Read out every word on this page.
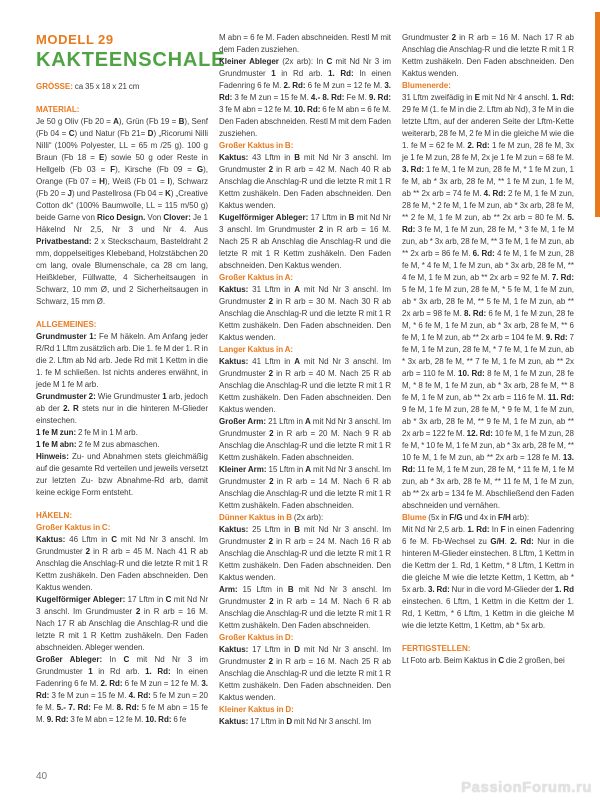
MODELL 29
KAKTEENSCHALE
GRÖSSE: ca 35 x 18 x 21 cm
MATERIAL:
Je 50 g Oliv (Fb 20 = A), Grün (Fb 19 = B), Senf (Fb 04 = C) und Natur (Fb 21= D) „Ricorumi Nilli Nilli“ (100% Polyester, LL = 65 m /25 g). 100 g Braun (Fb 18 = E) sowie 50 g oder Reste in Hellgelb (Fb 03 = F), Kirsche (Fb 09 = G), Orange (Fb 07 = H), Weiß (Fb 01 = I), Schwarz (Fb 20 = J) und Pastellrosa (Fb 04 = K) „Creative Cotton dk“ (100% Baumwolle, LL = 115 m/50 g) beide Garne von Rico Design. Von Clover: Je 1 Häkelnd Nr 2,5, Nr 3 und Nr 4. Aus Privatbestand: 2 x Steckschaum, Basteldraht 2 mm, doppelseitiges Klebeband, Holzstäbchen 20 cm lang, ovale Blumenschale, ca 28 cm lang, Heißkleber, Füllwatte, 4 Sicherheitsaugen in Schwarz, 10 mm Ø, und 2 Sicherheitsaugen in Schwarz, 15 mm Ø.
ALLGEMEINES:
Grundmuster 1: Fe M häkeln. Am Anfang jeder R/Rd 1 Lftm zusätzlich arb. Die 1. fe M der 1. R in die 2. Lftm ab Nd arb. Jede Rd mit 1 Kettm in die 1. fe M schließen. Ist nichts anderes erwähnt, in jede M 1 fe M arb.
Grundmuster 2: Wie Grundmuster 1 arb, jedoch ab der 2. R stets nur in die hinteren M-Glieder einstechen.
1 fe M zun: 2 fe M in 1 M arb.
1 fe M abn: 2 fe M zus abmaschen.
Hinweis: Zu- und Abnahmen stets gleichmäßig auf die gesamte Rd verteilen und jeweils versetzt zur letzten Zu- bzw Abnahme-Rd arb, damit keine eckige Form entsteht.
HÄKELN:
Großer Kaktus in C:
Kaktus: 46 Lftm in C mit Nd Nr 3 anschl. Im Grundmuster 2 in R arb = 45 M. Nach 41 R ab Anschlag die Anschlag-R und die letzte R mit 1 R Kettm zushäkeln. Den Faden abschneiden. Den Kaktus wenden.
Kugelförmiger Ableger: 17 Lftm in C mit Nd Nr 3 anschl. Im Grundmuster 2 in R arb = 16 M. Nach 17 R ab Anschlag die Anschlag-R und die letzte R mit 1 R Kettm zushäkeln. Den Faden abschneiden. Ableger wenden.
Großer Ableger: In C mit Nd Nr 3 im Grundmuster 1 in Rd arb. 1. Rd: In einen Fadenring 6 fe M. 2. Rd: 6 fe M zun = 12 fe M. 3. Rd: 3 fe M zun = 15 fe M. 4. Rd: 5 fe M zun = 20 fe M. 5.- 7. Rd: Fe M. 8. Rd: 5 fe M abn = 15 fe M. 9. Rd: 3 fe M abn = 12 fe M. 10. Rd: 6 fe
M abn = 6 fe M. Faden abschneiden. Restl M mit dem Faden zusziehen.
Kleiner Ableger (2x arb): In C mit Nd Nr 3 im Grundmuster 1 in Rd arb. 1. Rd: In einen Fadenring 6 fe M. 2. Rd: 6 fe M zun = 12 fe M. 3. Rd: 3 fe M zun = 15 fe M. 4.- 8. Rd: Fe M. 9. Rd: 3 fe M abn = 12 fe M. 10. Rd: 6 fe M abn = 6 fe M. Den Faden abschneiden. Restl M mit dem Faden zusziehen.
Großer Kaktus in B:
Kaktus: 43 Lftm in B mit Nd Nr 3 anschl. Im Grundmuster 2 in R arb = 42 M. Nach 40 R ab Anschlag die Anschlag-R und die letzte R mit 1 R Kettm zushäkeln. Den Faden abschneiden. Den Kaktus wenden.
Kugelförmiger Ableger: 17 Lftm in B mit Nd Nr 3 anschl. Im Grundmuster 2 in R arb = 16 M. Nach 25 R ab Anschlag die Anschlag-R und die letzte R mit 1 R Kettm zushäkeln. Den Faden abschneiden. Den Kaktus wenden.
Großer Kaktus in A:
Kaktus: 31 Lftm in A mit Nd Nr 3 anschl. Im Grundmuster 2 in R arb = 30 M. Nach 30 R ab Anschlag die Anschlag-R und die letzte R mit 1 R Kettm zushäkeln. Den Faden abschneiden. Den Kaktus wenden.
Langer Kaktus in A:
Kaktus: 41 Lftm in A mit Nd Nr 3 anschl. Im Grundmuster 2 in R arb = 40 M. Nach 25 R ab Anschlag die Anschlag-R und die letzte R mit 1 R Kettm zushäkeln. Den Faden abschneiden. Den Kaktus wenden.
Großer Arm: 21 Lftm in A mit Nd Nr 3 anschl. Im Grundmuster 2 in R arb = 20 M. Nach 9 R ab Anschlag die Anschlag-R und die letzte R mit 1 R Kettm zushäkeln. Faden abschneiden.
Kleiner Arm: 15 Lftm in A mit Nd Nr 3 anschl. Im Grundmuster 2 in R arb = 14 M. Nach 6 R ab Anschlag die Anschlag-R und die letzte R mit 1 R Kettm zushäkeln. Faden abschneiden.
Dünner Kaktus in B (2x arb):
Kaktus: 25 Lftm in B mit Nd Nr 3 anschl. Im Grundmuster 2 in R arb = 24 M. Nach 16 R ab Anschlag die Anschlag-R und die letzte R mit 1 R Kettm zushäkeln. Den Faden abschneiden. Den Kaktus wenden.
Arm: 15 Lftm in B mit Nd Nr 3 anschl. Im Grundmuster 2 in R arb = 14 M. Nach 6 R ab Anschlag die Anschlag-R und die letzte R mit 1 R Kettm zushäkeln. Den Faden abschneiden.
Großer Kaktus in D:
Kaktus: 17 Lftm in D mit Nd Nr 3 anschl. Im Grundmuster 2 in R arb = 16 M. Nach 25 R ab Anschlag die Anschlag-R und die letzte R mit 1 R Kettm zushäkeln. Den Faden abschneiden. Den Kaktus wenden.
Kleiner Kaktus in D:
Kaktus: 17 Lftm in D mit Nd Nr 3 anschl. Im
Grundmuster 2 in R arb = 16 M. Nach 17 R ab Anschlag die Anschlag-R und die letzte R mit 1 R Kettm zushäkeln. Den Faden abschneiden. Den Kaktus wenden.
Blumenerde:
31 Lftm zweifädig in E mit Nd Nr 4 anschl. 1. Rd: 29 fe M (1. fe M in die 2. Lftm ab Nd), 3 fe M in die letzte Lftm, auf der anderen Seite der Lftm-Kette weiterarb, 28 fe M, 2 fe M in die gleiche M wie die 1. fe M = 62 fe M. 2. Rd: 1 fe M zun, 28 fe M, 3x je 1 fe M zun, 28 fe M, 2x je 1 fe M zun = 68 fe M. 3. Rd: 1 fe M, 1 fe M zun, 28 fe M, * 1 fe M zun, 1 fe M, ab * 3x arb, 28 fe M, ** 1 fe M zun, 1 fe M, ab ** 2x arb = 74 fe M. 4. Rd: 2 fe M, 1 fe M zun, 28 fe M, * 2 fe M, 1 fe M zun, ab * 3x arb, 28 fe M, ** 2 fe M, 1 fe M zun, ab ** 2x arb = 80 fe M. 5. Rd: 3 fe M, 1 fe M zun, 28 fe M, * 3 fe M, 1 fe M zun, ab * 3x arb, 28 fe M, ** 3 fe M, 1 fe M zun, ab ** 2x arb = 86 fe M. 6. Rd: 4 fe M, 1 fe M zun, 28 fe M, * 4 fe M, 1 fe M zun, ab * 3x arb, 28 fe M, ** 4 fe M, 1 fe M zun, ab ** 2x arb = 92 fe M. 7. Rd: 5 fe M, 1 fe M zun, 28 fe M, * 5 fe M, 1 fe M zun, ab * 3x arb, 28 fe M, ** 5 fe M, 1 fe M zun, ab ** 2x arb = 98 fe M. 8. Rd: 6 fe M, 1 fe M zun, 28 fe M, * 6 fe M, 1 fe M zun, ab * 3x arb, 28 fe M, ** 6 fe M, 1 fe M zun, ab ** 2x arb = 104 fe M. 9. Rd: 7 fe M, 1 fe M zun, 28 fe M, * 7 fe M, 1 fe M zun, ab * 3x arb, 28 fe M, ** 7 fe M, 1 fe M zun, ab ** 2x arb = 110 fe M. 10. Rd: 8 fe M, 1 fe M zun, 28 fe M, * 8 fe M, 1 fe M zun, ab * 3x arb, 28 fe M, ** 8 fe M, 1 fe M zun, ab ** 2x arb = 116 fe M. 11. Rd: 9 fe M, 1 fe M zun, 28 fe M, * 9 fe M, 1 fe M zun, ab * 3x arb, 28 fe M, ** 9 fe M, 1 fe M zun, ab ** 2x arb = 122 fe M. 12. Rd: 10 fe M, 1 fe M zun, 28 fe M, * 10 fe M, 1 fe M zun, ab * 3x arb, 28 fe M, ** 10 fe M, 1 fe M zun, ab ** 2x arb = 128 fe M. 13. Rd: 11 fe M, 1 fe M zun, 28 fe M, * 11 fe M, 1 fe M zun, ab * 3x arb, 28 fe M, ** 11 fe M, 1 fe M zun, ab ** 2x arb = 134 fe M. Abschließend den Faden abschneiden und vernähen.
Blume (5x in F/G und 4x in F/H arb):
Mit Nd Nr 2,5 arb. 1. Rd: In F in einen Fadenring 6 fe M. Fb-Wechsel zu G/H. 2. Rd: Nur in die hinteren M-Glieder einstechen. 8 Lftm, 1 Kettm in die Kettm der 1. Rd, 1 Kettm, * 8 Lftm, 1 Kettm in die gleiche M wie die letzte Kettm, 1 Kettm, ab * 5x arb. 3. Rd: Nur in die vord M-Glieder der 1. Rd einstechen. 6 Lftm, 1 Kettm in die Kettm der 1. Rd, 1 Kettm, * 6 Lftm, 1 Kettm in die gleiche M wie die letzte Kettm, 1 Kettm, ab * 5x arb.
FERTIGSTELLEN:
Lt Foto arb. Beim Kaktus in C die 2 großen, bei
40
PassionForum.ru
